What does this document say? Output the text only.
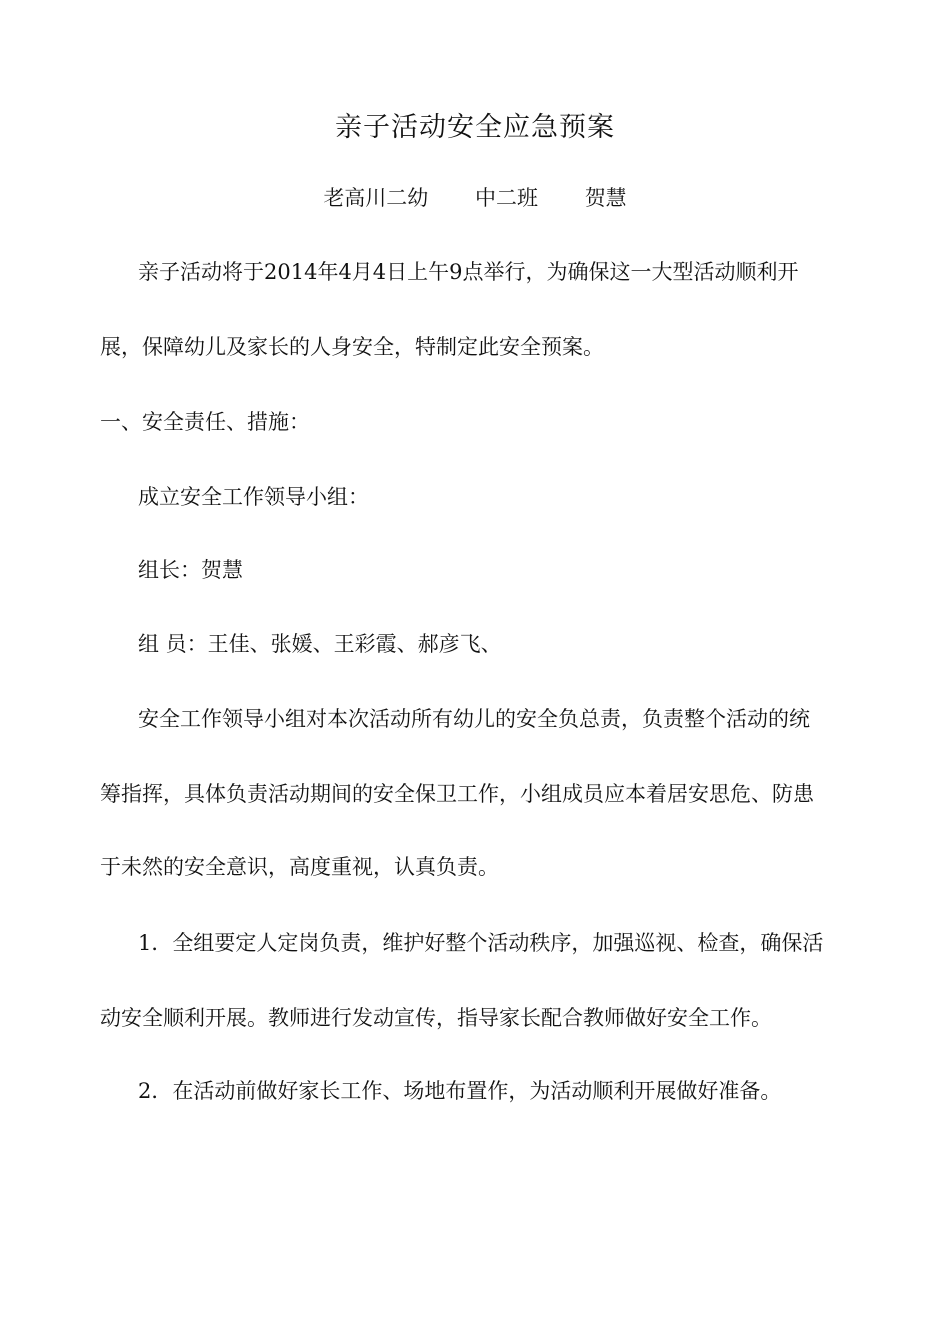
亲子活动安全应急预案
老高川二幼 中二班 贺慧
亲子活动将于2014年4月4日上午9点举行，为确保这一大型活动顺利开
展，保障幼儿及家长的人身安全，特制定此安全预案。
一、安全责任、措施：
成立安全工作领导小组：
组长：贺慧
组 员：王佳、张媛、王彩霞、郝彦飞、
安全工作领导小组对本次活动所有幼儿的安全负总责，负责整个活动的统
筹指挥，具体负责活动期间的安全保卫工作，小组成员应本着居安思危、防患
于未然的安全意识，高度重视，认真负责。
1．全组要定人定岗负责，维护好整个活动秩序，加强巡视、检查，确保活
动安全顺利开展。教师进行发动宣传，指导家长配合教师做好安全工作。
2．在活动前做好家长工作、场地布置作，为活动顺利开展做好准备。
